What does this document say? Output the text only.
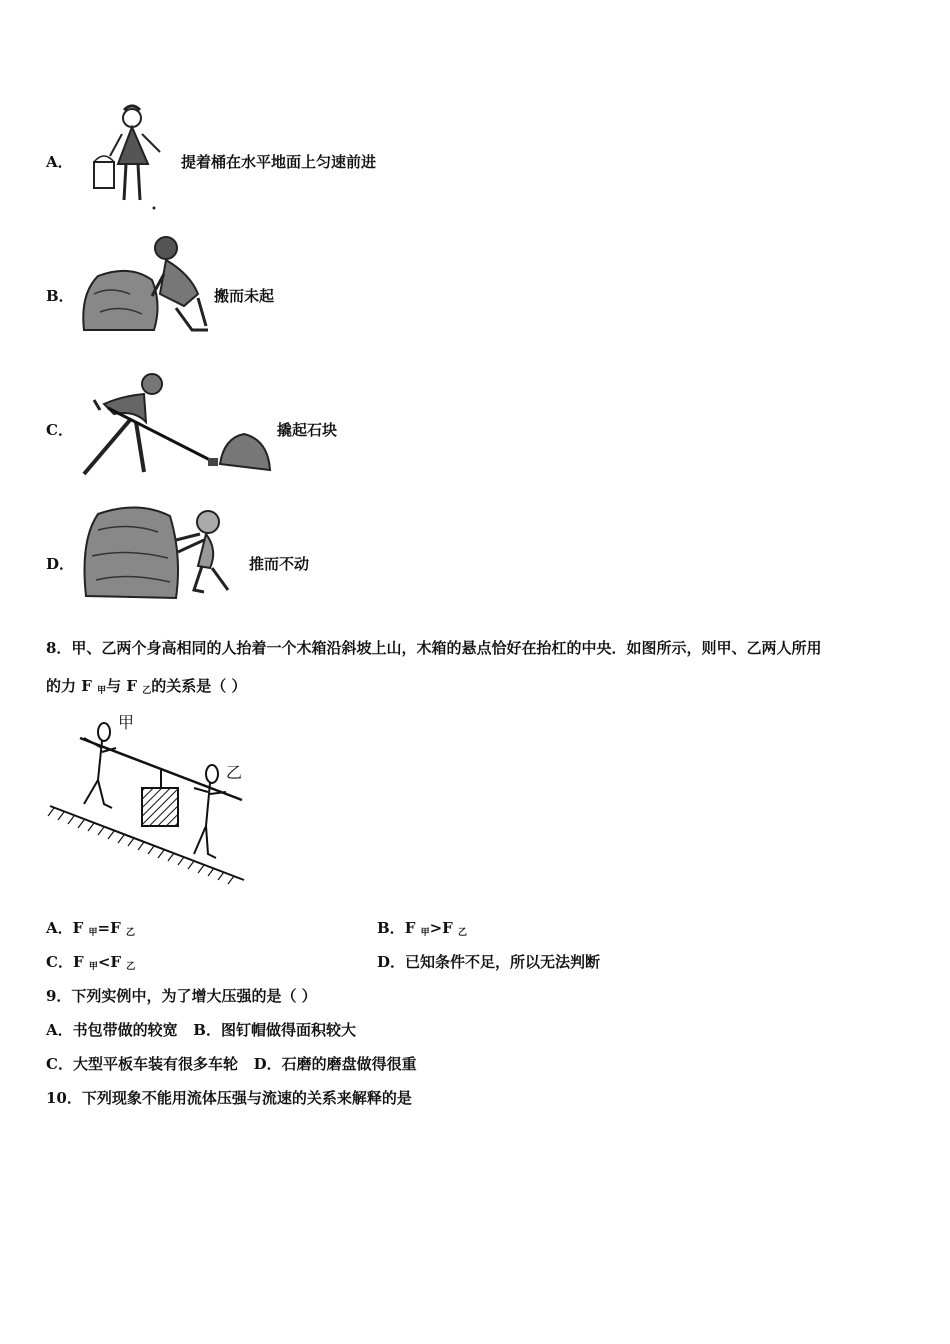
A．	提着桶在水平地面上匀速前进
B．	搬而未起
C．	撬起石块
D．	推而不动
8．甲、乙两个身高相同的人抬着一个木箱沿斜坡上山，木箱的悬点恰好在抬杠的中央．如图所示，则甲、乙两人所用
的力 F $_甲$与 F $_乙$的关系是（ ）
甲
乙
A．F $_甲$=F $_乙$	B．F $_甲$>F $_乙$
C．F $_甲$<F $_乙$	D．已知条件不足，所以无法判断
9．下列实例中，为了增大压强的是（ ）
A．书包带做的较宽   B．图钉帽做得面积较大
C．大型平板车装有很多车轮   D．石磨的磨盘做得很重
10．下列现象不能用流体压强与流速的关系来解释的是
